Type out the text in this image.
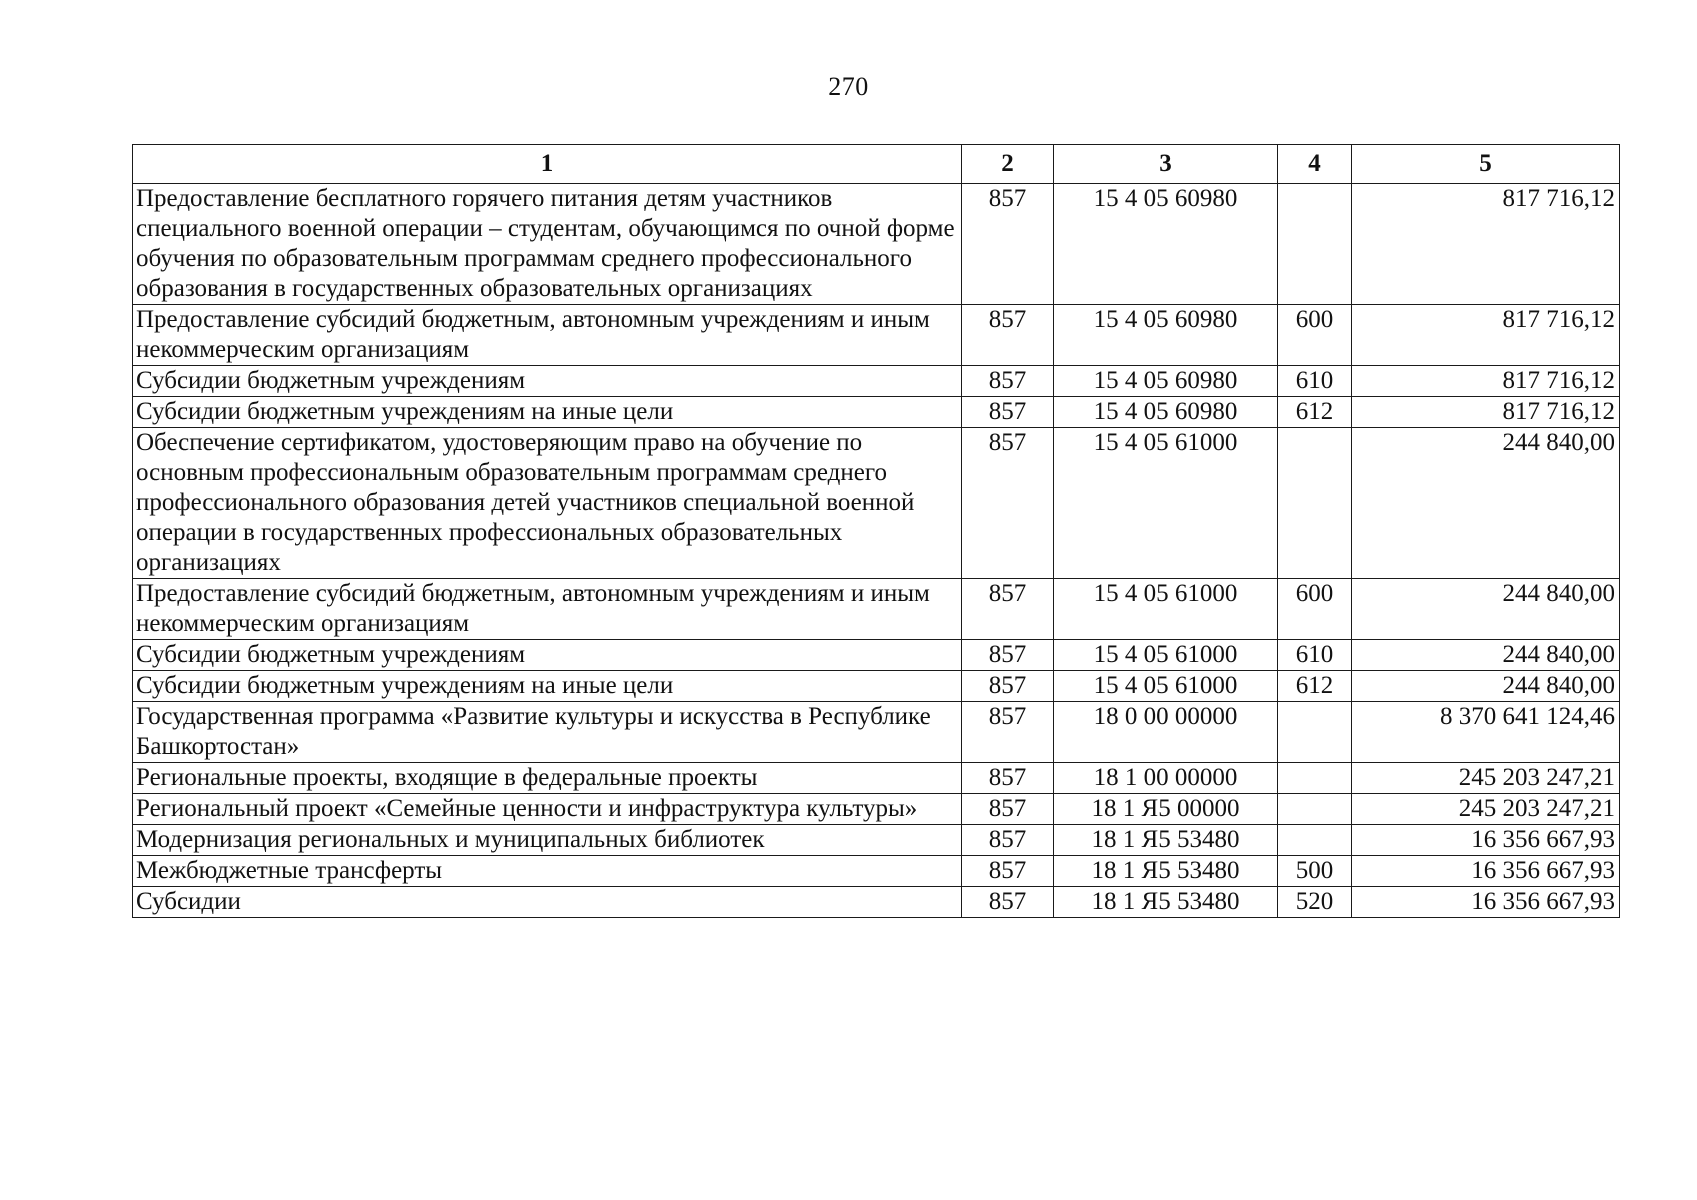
270
1	2	3	4	5
Предоставление бесплатного горячего питания детям участников специального военной операции – студентам, обучающимся по очной форме обучения по образовательным программам среднего профессионального образования в государственных образовательных организациях	857	15 4 05 60980		817 716,12
Предоставление субсидий бюджетным, автономным учреждениям и иным некоммерческим организациям	857	15 4 05 60980	600	817 716,12
Субсидии бюджетным учреждениям	857	15 4 05 60980	610	817 716,12
Субсидии бюджетным учреждениям на иные цели	857	15 4 05 60980	612	817 716,12
Обеспечение сертификатом, удостоверяющим право на обучение по основным профессиональным образовательным программам среднего профессионального образования детей участников специальной военной операции в государственных профессиональных образовательных организациях	857	15 4 05 61000		244 840,00
Предоставление субсидий бюджетным, автономным учреждениям и иным некоммерческим организациям	857	15 4 05 61000	600	244 840,00
Субсидии бюджетным учреждениям	857	15 4 05 61000	610	244 840,00
Субсидии бюджетным учреждениям на иные цели	857	15 4 05 61000	612	244 840,00
Государственная программа «Развитие культуры и искусства в Республике Башкортостан»	857	18 0 00 00000		8 370 641 124,46
Региональные проекты, входящие в федеральные проекты	857	18 1 00 00000		245 203 247,21
Региональный проект «Семейные ценности и инфраструктура культуры»	857	18 1 Я5 00000		245 203 247,21
Модернизация региональных и муниципальных библиотек	857	18 1 Я5 53480		16 356 667,93
Межбюджетные трансферты	857	18 1 Я5 53480	500	16 356 667,93
Субсидии	857	18 1 Я5 53480	520	16 356 667,93
